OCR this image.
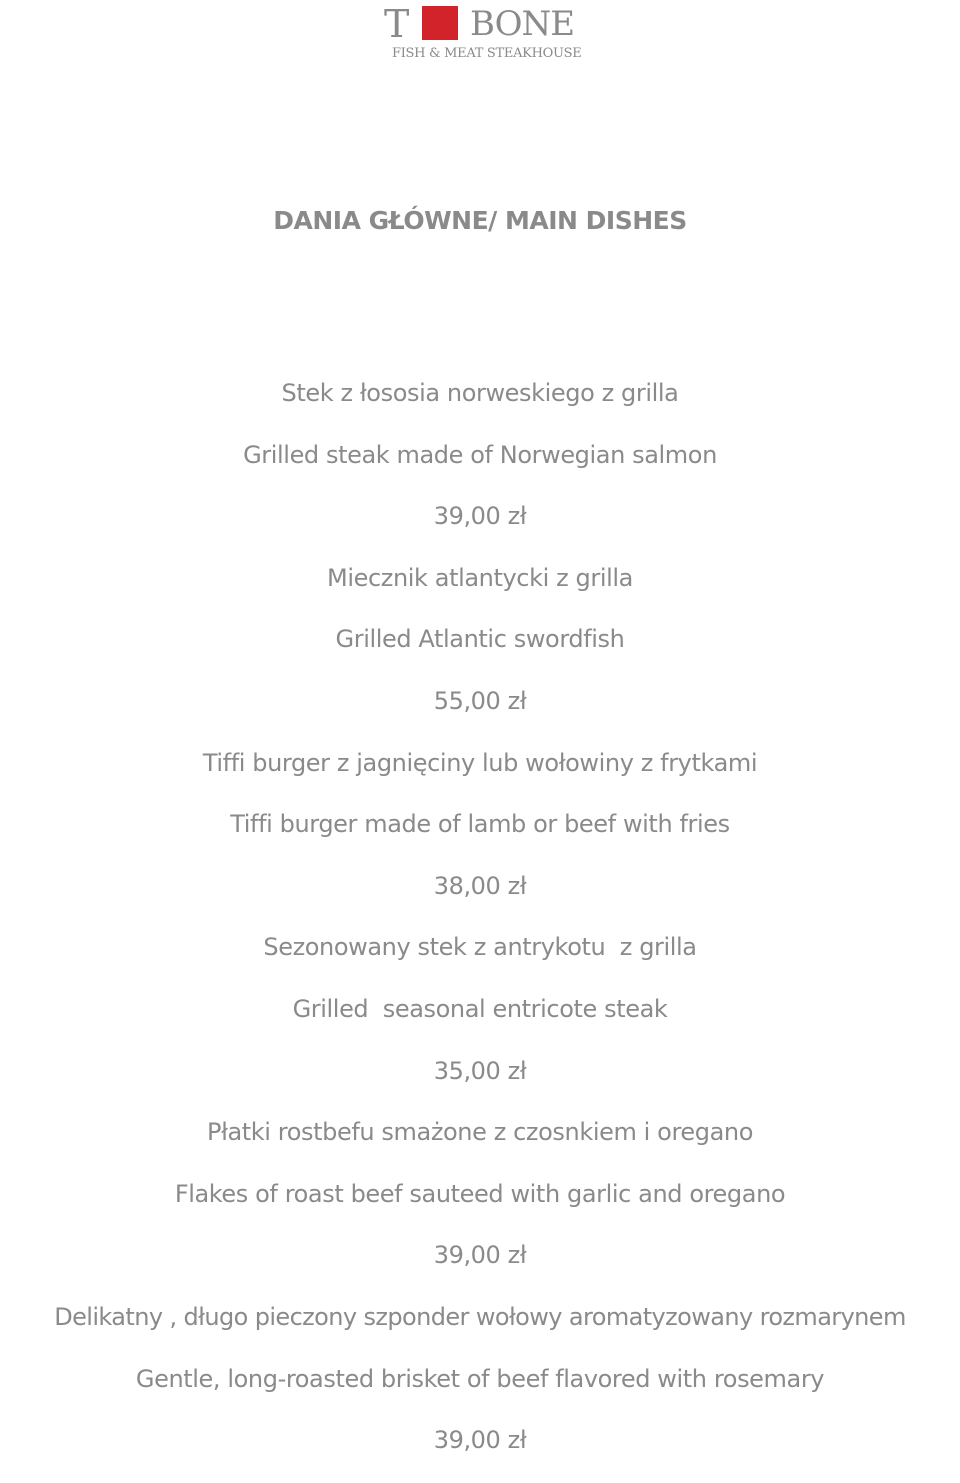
T BONE
FISH & MEAT STEAKHOUSE
DANIA GŁÓWNE/ MAIN DISHES
Stek z łososia norweskiego z grilla
Grilled steak made of Norwegian salmon
39,00 zł
Miecznik atlantycki z grilla
Grilled Atlantic swordfish
55,00 zł
Tiffi burger z jagnięciny lub wołowiny z frytkami
Tiffi burger made of lamb or beef with fries
38,00 zł
Sezonowany stek z antrykotu  z grilla
Grilled  seasonal entricote steak
35,00 zł
Płatki rostbefu smażone z czosnkiem i oregano
Flakes of roast beef sauteed with garlic and oregano
39,00 zł
Delikatny , długo pieczony szponder wołowy aromatyzowany rozmarynem
Gentle, long-roasted brisket of beef flavored with rosemary
39,00 zł
